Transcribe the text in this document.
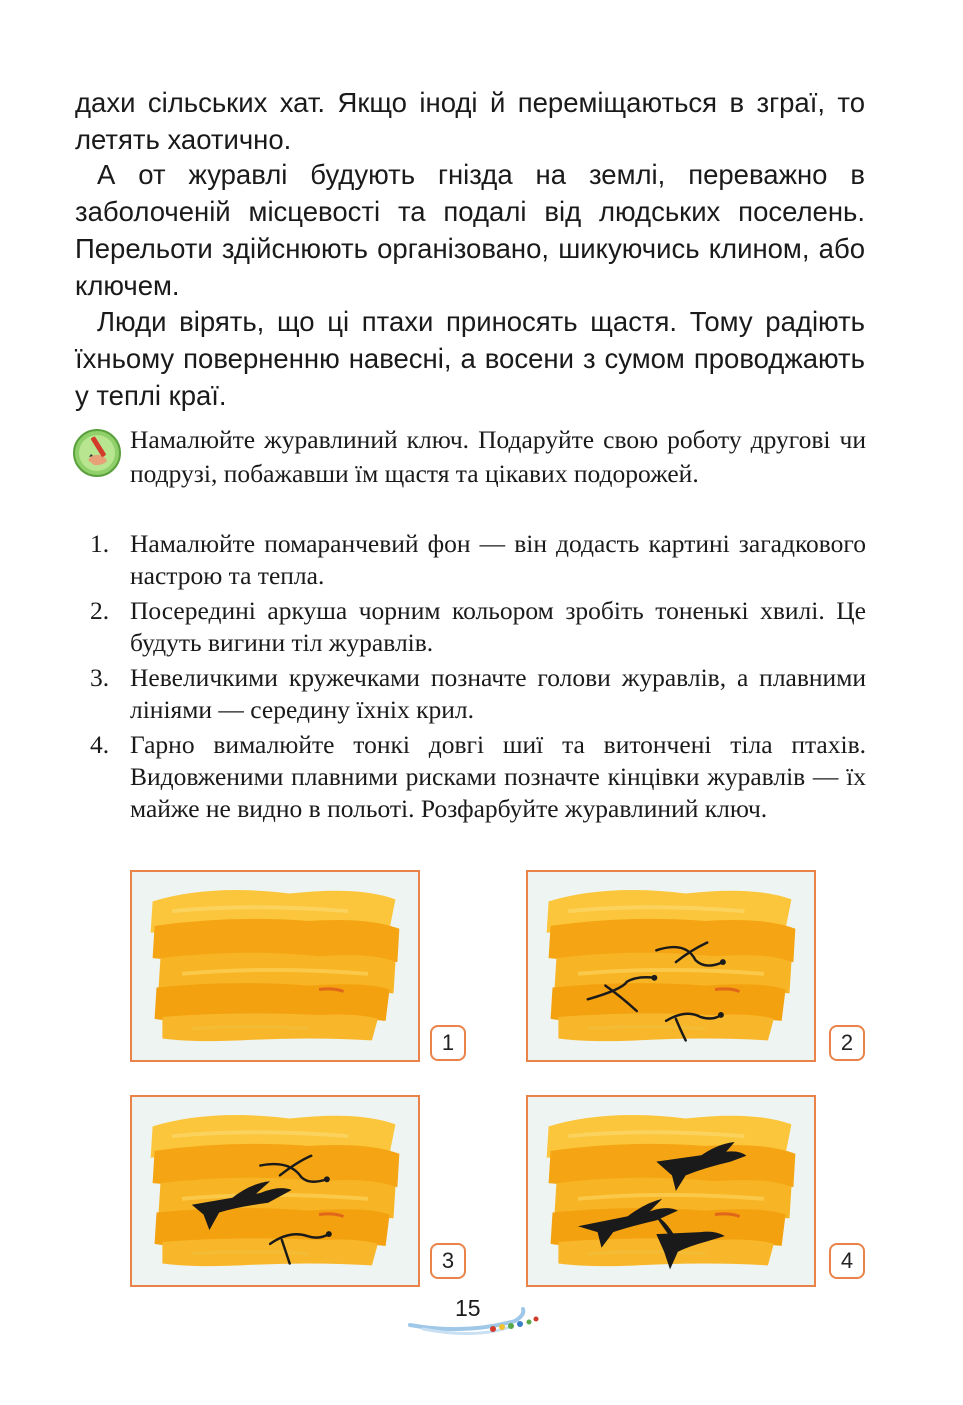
дахи сільських хат. Якщо іноді й переміщаються в зграї, то летять хаотично.

А от журавлі будують гнізда на землі, переважно в заболоченій місцевості та подалі від людських поселень. Перельоти здійснюють організовано, шикуючись клином, або ключем.

Люди вірять, що ці птахи приносять щастя. Тому радіють їхньому поверненню навесні, а восени з сумом проводжають у теплі краї.

Намалюйте журавлиний ключ. Подаруйте свою роботу другові чи подрузі, побажавши їм щастя та цікавих подорожей.
1. Намалюйте помаранчевий фон — він додасть картині загадкового настрою та тепла.
2. Посередині аркуша чорним кольором зробіть тоненькі хвилі. Це будуть вигини тіл журавлів.
3. Невеличкими кружечками позначте голови журавлів, а плавними лініями — середину їхніх крил.
4. Гарно вималюйте тонкі довгі шиї та витончені тіла птахів. Видовженими плавними рисками позначте кінцівки журавлів — їх майже не видно в польоті. Розфарбуйте журавлиний ключ.
1	2
3	4
15
